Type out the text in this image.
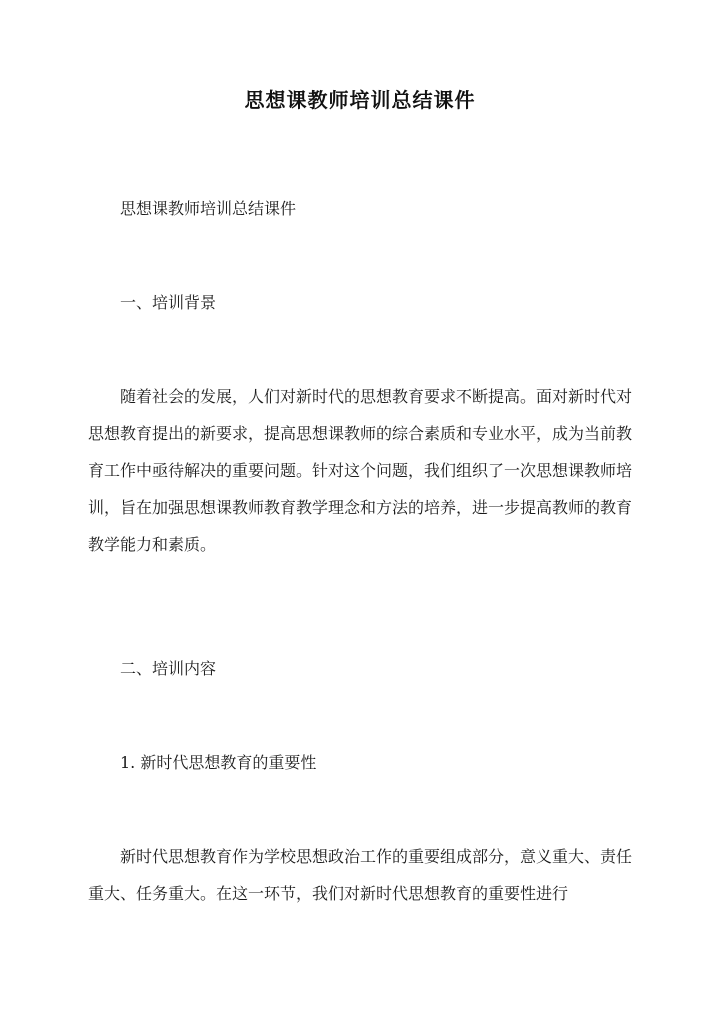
思想课教师培训总结课件

思想课教师培训总结课件

一、培训背景

随着社会的发展，人们对新时代的思想教育要求不断提高。面对新时代对思想教育提出的新要求，提高思想课教师的综合素质和专业水平，成为当前教育工作中亟待解决的重要问题。针对这个问题，我们组织了一次思想课教师培训，旨在加强思想课教师教育教学理念和方法的培养，进一步提高教师的教育教学能力和素质。

二、培训内容

1. 新时代思想教育的重要性

新时代思想教育作为学校思想政治工作的重要组成部分，意义重大、责任重大、任务重大。在这一环节，我们对新时代思想教育的重要性进行
